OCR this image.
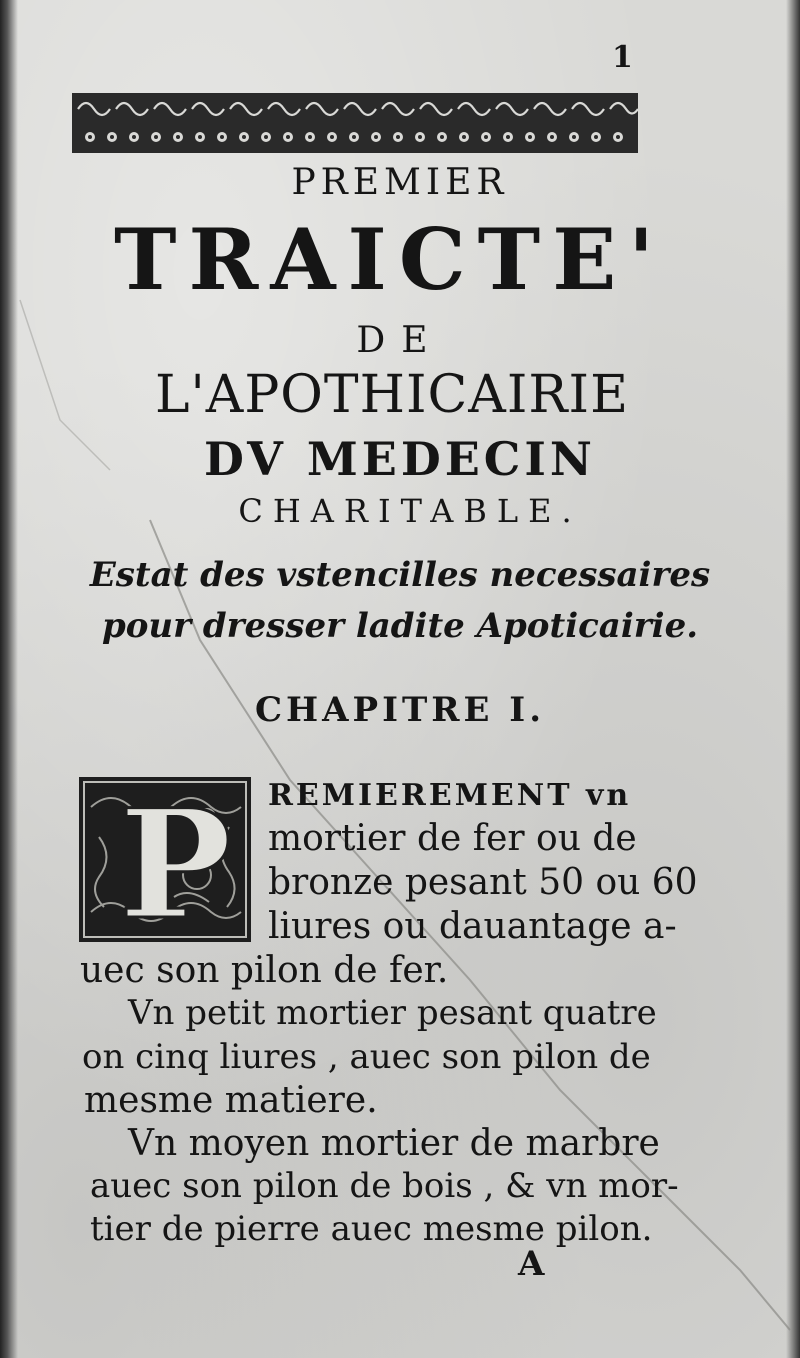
1
PREMIER
TRAICTE'
DE
L'APOTHICAIRIE
DV MEDECIN
CHARITABLE.
Estat des vstencilles necessaires
pour dresser ladite Apoticairie.
CHAPITRE I.
P REMIEREMENT vn
mortier de fer ou de
bronze pesant 50 ou 60
liures ou dauantage a-
uec son pilon de fer.
Vn petit mortier pesant quatre
on cinq liures , auec son pilon de
mesme matiere.
Vn moyen mortier de marbre
auec son pilon de bois , & vn mor-
tier de pierre auec mesme pilon.
A
